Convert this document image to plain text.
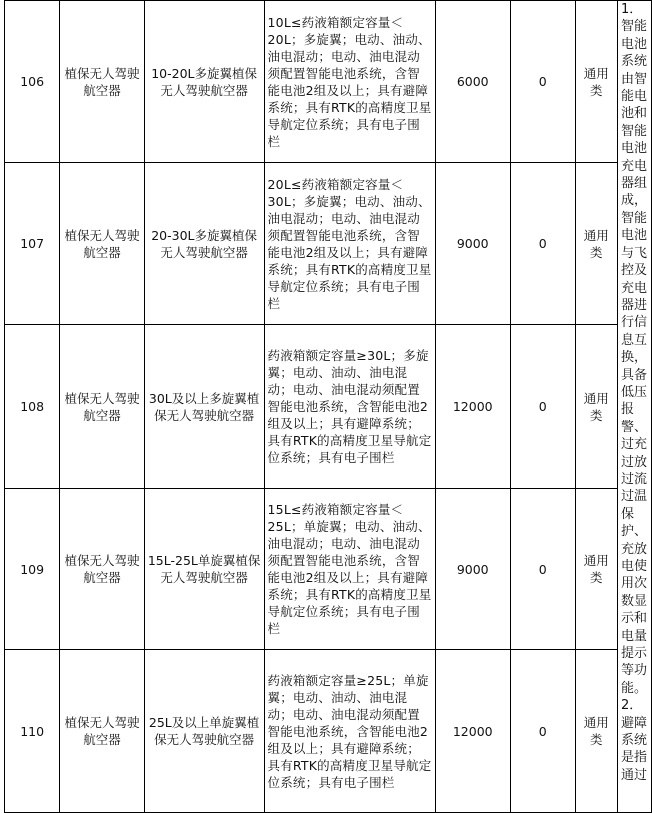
106	植保无人驾驶航空器	10-20L多旋翼植保无人驾驶航空器	10L≤药液箱额定容量＜20L；多旋翼；电动、油动、油电混动；电动、油电混动须配置智能电池系统，含智能电池2组及以上；具有避障系统；具有RTK的高精度卫星导航定位系统；具有电子围栏	6000	0	通用类	1．智能电池系统由智能电池和智能电池充电器组成，智能电池与飞控及充电器进行信息互换，具备低压报警、过充过放过流过温保护、充放电使用次数显示和电量提示等功能。2．避障系统是指通过
107	植保无人驾驶航空器	20-30L多旋翼植保无人驾驶航空器	20L≤药液箱额定容量＜30L；多旋翼；电动、油动、油电混动；电动、油电混动须配置智能电池系统，含智能电池2组及以上；具有避障系统；具有RTK的高精度卫星导航定位系统；具有电子围栏	9000	0	通用类	
108	植保无人驾驶航空器	30L及以上多旋翼植保无人驾驶航空器	药液箱额定容量≥30L；多旋翼；电动、油动、油电混动；电动、油电混动须配置智能电池系统，含智能电池2组及以上；具有避障系统；具有RTK的高精度卫星导航定位系统；具有电子围栏	12000	0	通用类	
109	植保无人驾驶航空器	15L-25L单旋翼植保无人驾驶航空器	15L≤药液箱额定容量＜25L；单旋翼；电动、油动、油电混动；电动、油电混动须配置智能电池系统，含智能电池2组及以上；具有避障系统；具有RTK的高精度卫星导航定位系统；具有电子围栏	9000	0	通用类	
110	植保无人驾驶航空器	25L及以上单旋翼植保无人驾驶航空器	药液箱额定容量≥25L；单旋翼；电动、油动、油电混动；电动、油电混动须配置智能电池系统，含智能电池2组及以上；具有避障系统；具有RTK的高精度卫星导航定位系统；具有电子围栏	12000	0	通用类	
